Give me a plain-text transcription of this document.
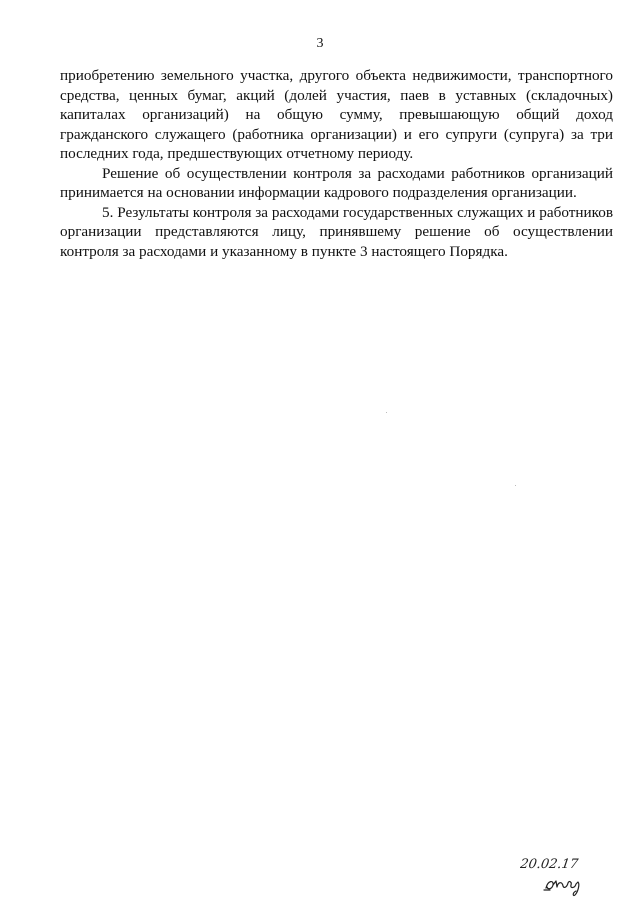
3

приобретению земельного участка, другого объекта недвижимости, транспортного средства, ценных бумаг, акций (долей участия, паев в уставных (складочных) капиталах организаций) на общую сумму, превышающую общий доход гражданского служащего (работника организации) и его супруги (супруга) за три последних года, предшествующих отчетному периоду.

Решение об осуществлении контроля за расходами работников организаций принимается на основании информации кадрового подразделения организации.

5. Результаты контроля за расходами государственных служащих и работников организации представляются лицу, принявшему решение об осуществлении контроля за расходами и указанному в пункте 3 настоящего Порядка.

20.02.17
